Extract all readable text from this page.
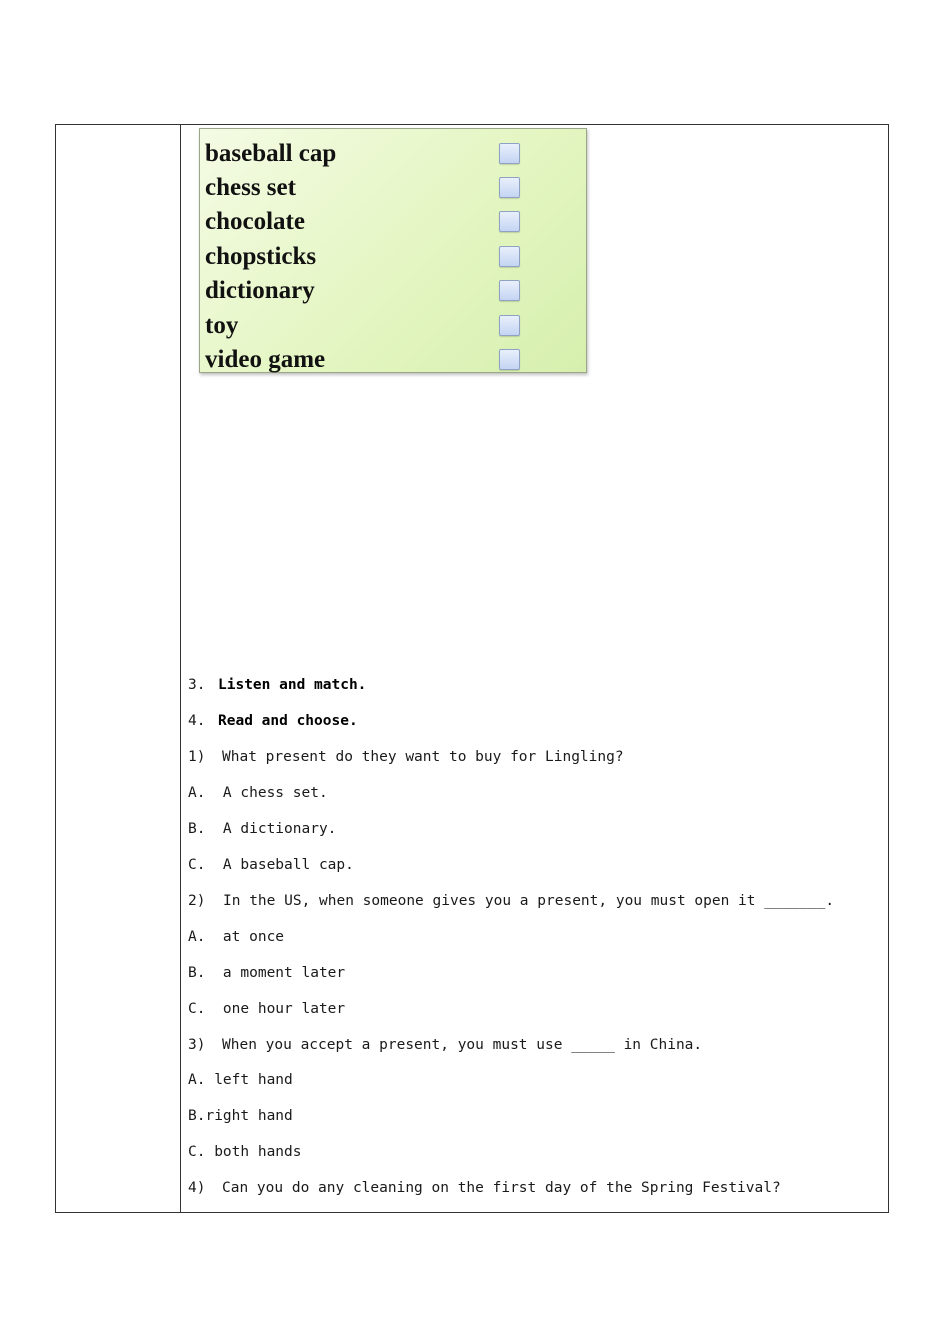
baseball cap
chess set
chocolate
chopsticks
dictionary
toy
video game
3. Listen and match.
4. Read and choose.
1) What present do they want to buy for Lingling?
A.  A chess set.
B.  A dictionary.
C.  A baseball cap.
2) In the US, when someone gives you a present, you must open it _______.
A.  at once
B.  a moment later
C.  one hour later
3) When you accept a present, you must use _____ in China.
A. left hand
B.right hand
C. both hands
4) Can you do any cleaning on the first day of the Spring Festival?
